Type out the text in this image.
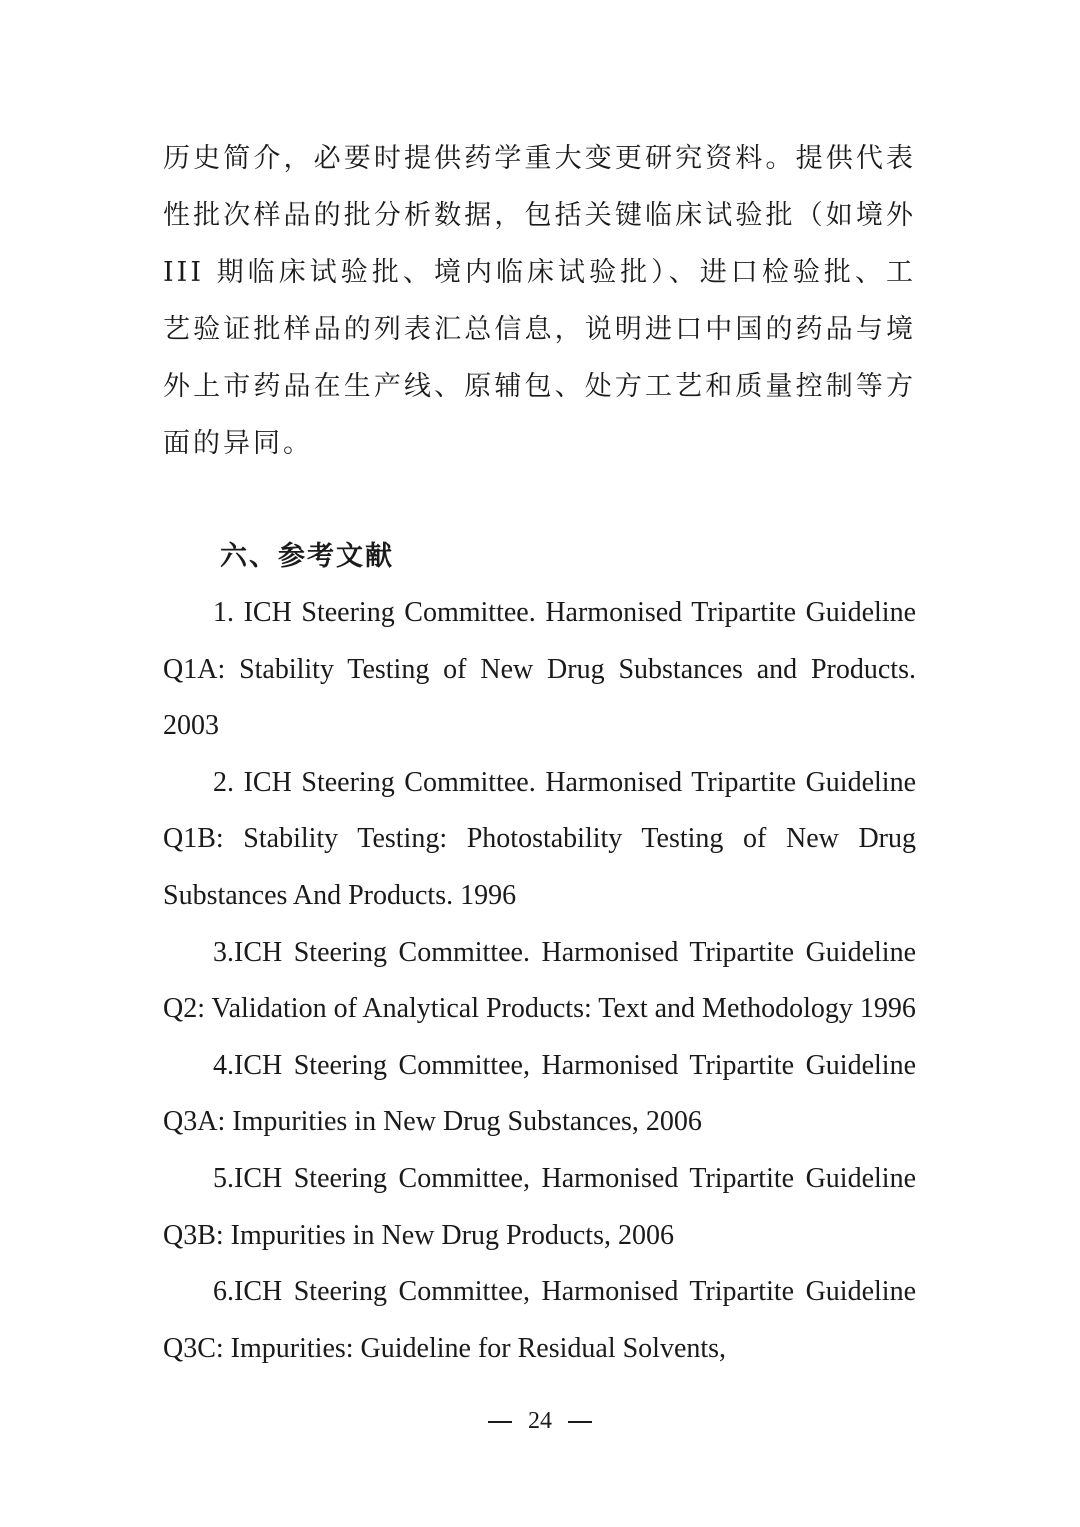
历史简介，必要时提供药学重大变更研究资料。提供代表性批次样品的批分析数据，包括关键临床试验批（如境外 III 期临床试验批、境内临床试验批）、进口检验批、工艺验证批样品的列表汇总信息，说明进口中国的药品与境外上市药品在生产线、原辅包、处方工艺和质量控制等方面的异同。

六、参考文献
1. ICH Steering Committee. Harmonised Tripartite Guideline Q1A: Stability Testing of New Drug Substances and Products. 2003
2. ICH Steering Committee. Harmonised Tripartite Guideline Q1B: Stability Testing: Photostability Testing of New Drug Substances And Products. 1996
3.ICH Steering Committee. Harmonised Tripartite Guideline Q2: Validation of Analytical Products: Text and Methodology 1996
4.ICH Steering Committee, Harmonised Tripartite Guideline Q3A: Impurities in New Drug Substances, 2006
5.ICH Steering Committee, Harmonised Tripartite Guideline Q3B: Impurities in New Drug Products, 2006
6.ICH Steering Committee, Harmonised Tripartite Guideline Q3C: Impurities: Guideline for Residual Solvents,
24
